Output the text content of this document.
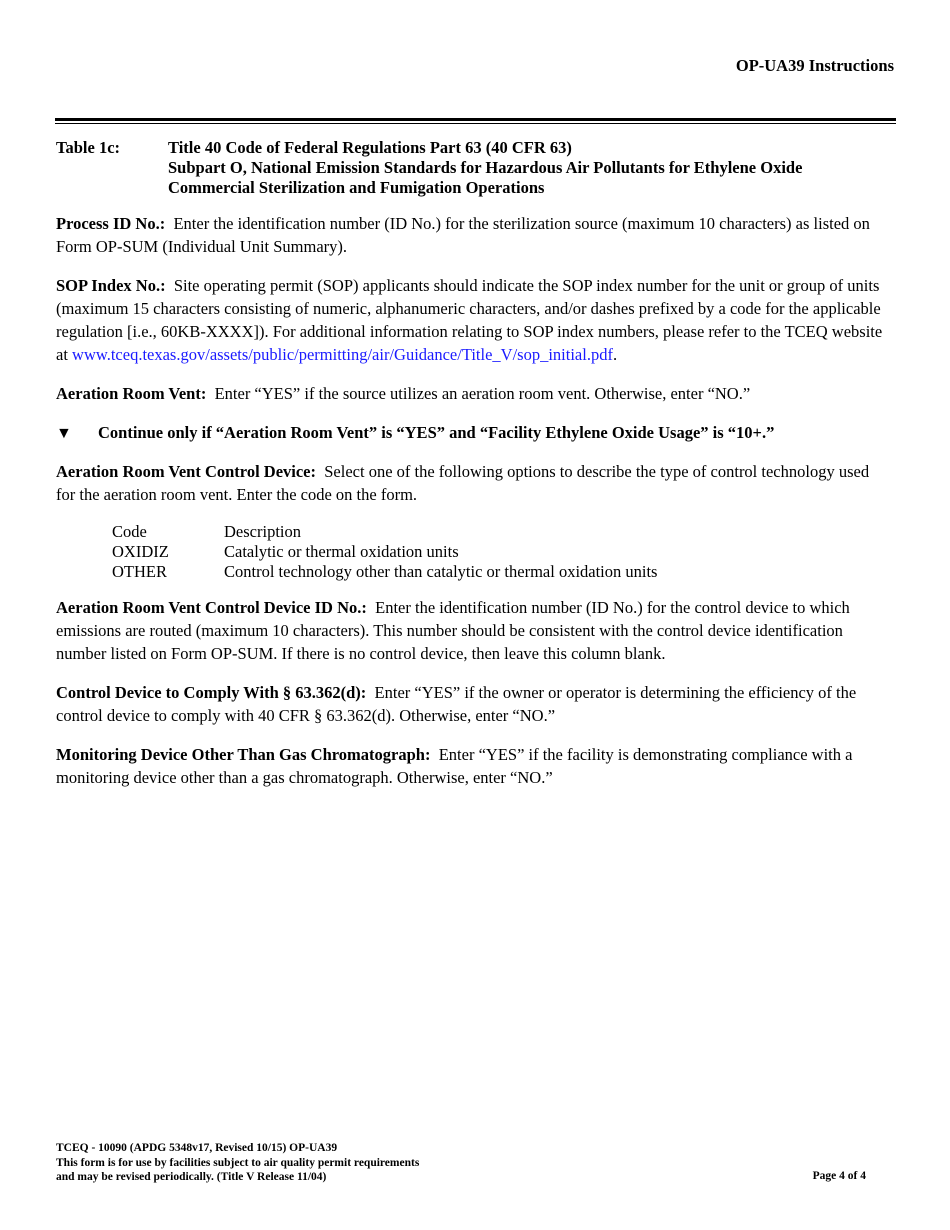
OP-UA39 Instructions
Table 1c:	Title 40 Code of Federal Regulations Part 63 (40 CFR 63)
Subpart O, National Emission Standards for Hazardous Air Pollutants for Ethylene Oxide
Commercial Sterilization and Fumigation Operations

Process ID No.: Enter the identification number (ID No.) for the sterilization source (maximum 10 characters) as listed on Form OP-SUM (Individual Unit Summary).

SOP Index No.: Site operating permit (SOP) applicants should indicate the SOP index number for the unit or group of units (maximum 15 characters consisting of numeric, alphanumeric characters, and/or dashes prefixed by a code for the applicable regulation [i.e., 60KB-XXXX]). For additional information relating to SOP index numbers, please refer to the TCEQ website at www.tceq.texas.gov/assets/public/permitting/air/Guidance/Title_V/sop_initial.pdf.

Aeration Room Vent: Enter “YES” if the source utilizes an aeration room vent. Otherwise, enter “NO.”

▼	Continue only if “Aeration Room Vent” is “YES” and “Facility Ethylene Oxide Usage” is “10+.”

Aeration Room Vent Control Device: Select one of the following options to describe the type of control technology used for the aeration room vent. Enter the code on the form.

Code	Description
OXIDIZ	Catalytic or thermal oxidation units
OTHER	Control technology other than catalytic or thermal oxidation units

Aeration Room Vent Control Device ID No.: Enter the identification number (ID No.) for the control device to which emissions are routed (maximum 10 characters). This number should be consistent with the control device identification number listed on Form OP-SUM. If there is no control device, then leave this column blank.

Control Device to Comply With § 63.362(d): Enter “YES” if the owner or operator is determining the efficiency of the control device to comply with 40 CFR § 63.362(d). Otherwise, enter “NO.”

Monitoring Device Other Than Gas Chromatograph: Enter “YES” if the facility is demonstrating compliance with a monitoring device other than a gas chromatograph. Otherwise, enter “NO.”

TCEQ - 10090 (APDG 5348v17, Revised 10/15) OP-UA39
This form is for use by facilities subject to air quality permit requirements
and may be revised periodically. (Title V Release 11/04)	Page 4 of 4
